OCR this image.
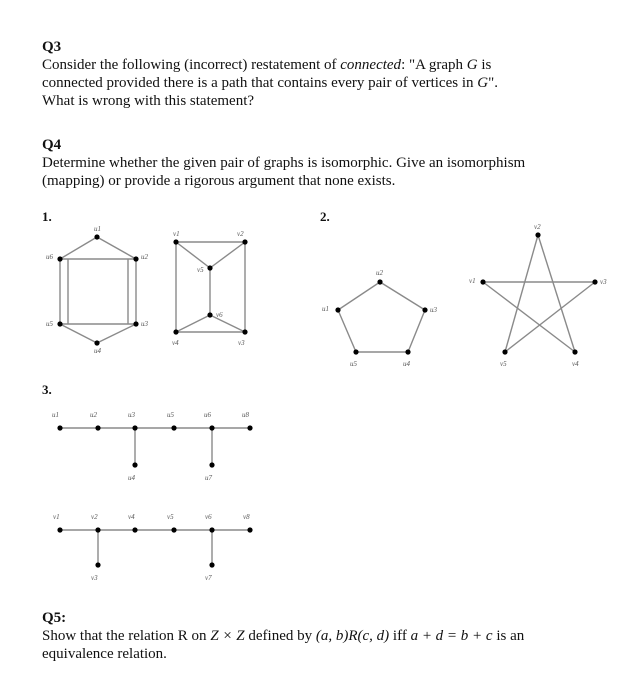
Q3
Consider the following (incorrect) restatement of connected: "A graph G is
connected provided there is a path that contains every pair of vertices in G".
What is wrong with this statement?
Q4
Determine whether the given pair of graphs is isomorphic. Give an isomorphism
(mapping) or provide a rigorous argument that none exists.
1.	2.
3.
u1
u2
u3
u4
u5
u6
v1	v2
v3
v4
v5
v6
u1
u2
u3
u4
u5
v1
v2
v3
v4
v5
u1	u2	u3
u4
u5	u6
u7
u8
v1	v2
v3
v4	v5	v6
v7
v8
Q5:
Show that the relation R on Z × Z defined by (a, b)R(c, d) iff a + d = b + c is an
equivalence relation.
